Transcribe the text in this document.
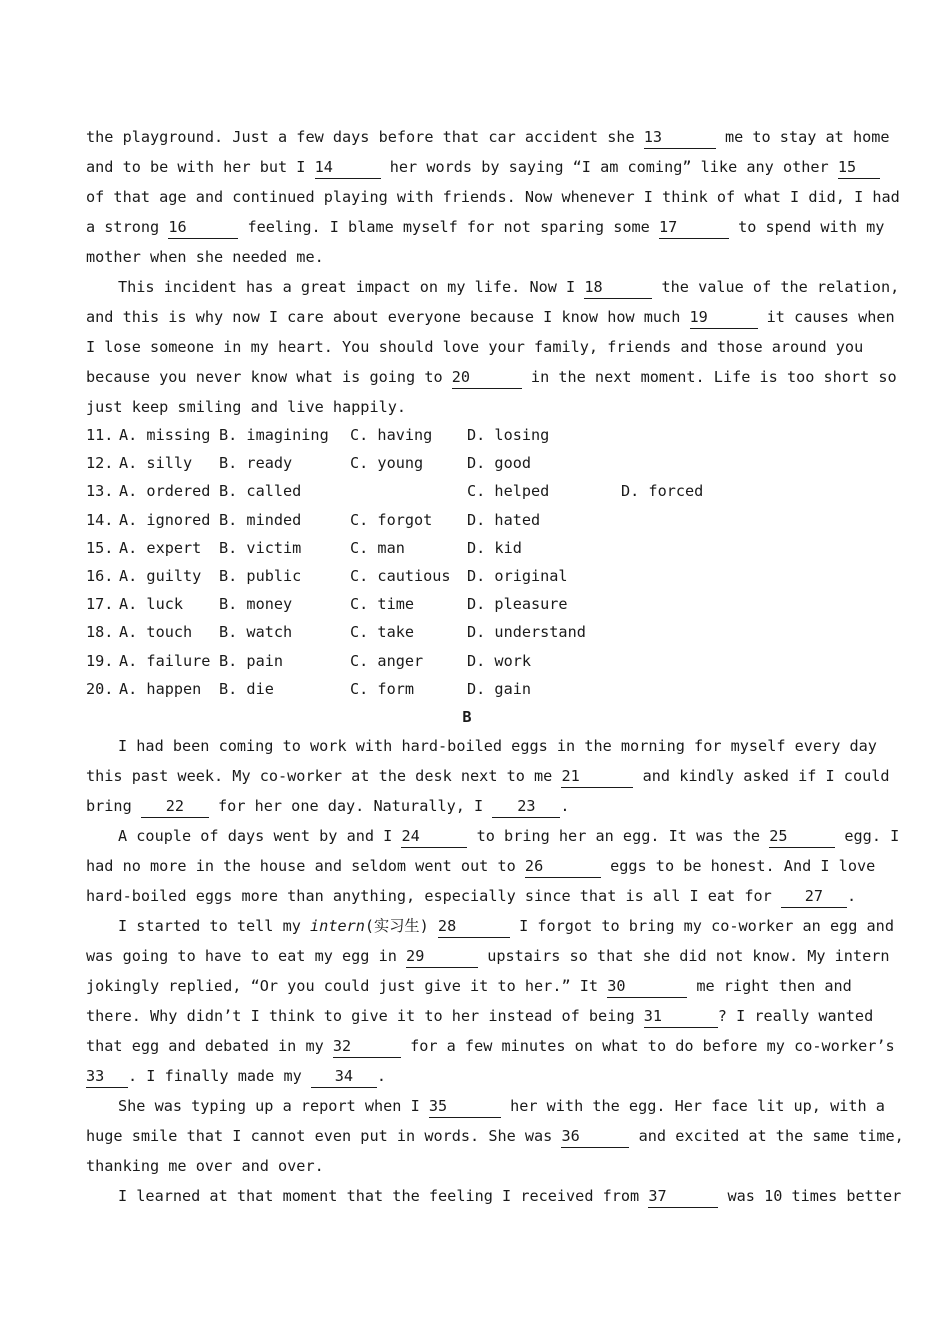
the playground. Just a few days before that car accident she 13	me to stay at home
and to be with her but I 14	her words by saying “I am coming” like any other 15
of that age and continued playing with friends. Now whenever I think of what I did, I had
a strong 16	feeling. I blame myself for not sparing some 17	to spend with my
mother when she needed me.
This incident has a great impact on my life. Now I 18	the value of the relation,
and this is why now I care about everyone because I know how much 19	it causes when
I lose someone in my heart. You should love your family, friends and those around you
because you never know what is going to 20	in the next moment. Life is too short so
just keep smiling and live happily.
11. A. missing B. imagining C. having D. losing
12. A. silly B. ready	C. young	D. good
13. A. ordered B. called	C. helped	D. forced
14. A. ignored B. minded	C. forgot D. hated
15. A. expert B. victim	C. man	D. kid
16. A. guilty B. public	C. cautious D. original
17. A. luck B. money	C. time	D. pleasure
18. A. touch B. watch	C. take	D. understand
19. A. failure B. pain	C. anger	D. work
20. A. happen B. die	C. form	D. gain
B
I had been coming to work with hard-boiled eggs in the morning for myself every day
this past week. My co-worker at the desk next to me 21	and kindly asked if I could
bring 22 for her one day. Naturally, I 23 .
A couple of days went by and I 24	to bring her an egg. It was the 25	egg. I
had no more in the house and seldom went out to 26	eggs to be honest. And I love
hard-boiled eggs more than anything, especially since that is all I eat for 27 .
I started to tell my intern(实习生) 28	I forgot to bring my co-worker an egg and
was going to have to eat my egg in 29	upstairs so that she did not know. My intern
jokingly replied, “Or you could just give it to her.” It 30	me right then and
there. Why didn’t I think to give it to her instead of being 31	? I really wanted
that egg and debated in my 32	for a few minutes on what to do before my co-worker’s
33 . I finally made my 34 .
She was typing up a report when I 35	her with the egg. Her face lit up, with a
huge smile that I cannot even put in words. She was 36	and excited at the same time,
thanking me over and over.
I learned at that moment that the feeling I received from 37	was 10 times better
